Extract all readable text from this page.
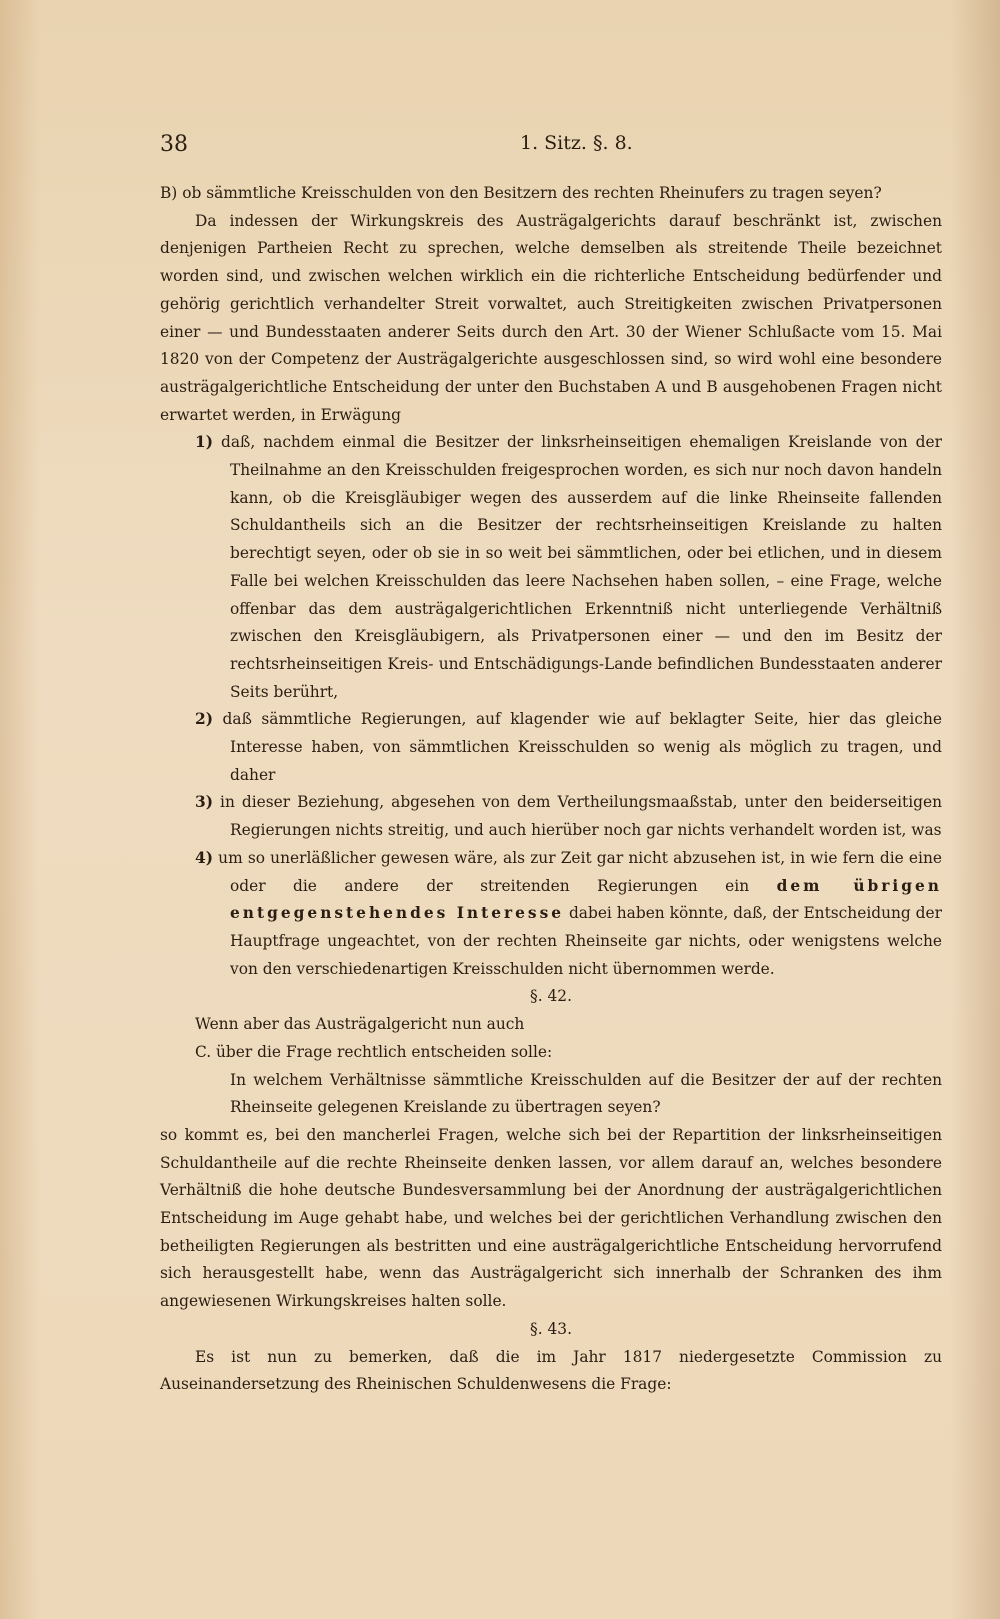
38	1. Sitz. §. 8.

B) ob sämmtliche Kreisschulden von den Besitzern des rechten Rheinufers zu tragen seyen?

Da indessen der Wirkungskreis des Austrägalgerichts darauf beschränkt ist, zwischen denjenigen Partheien Recht zu sprechen, welche demselben als streitende Theile bezeichnet worden sind, und zwischen welchen wirklich ein die richterliche Entscheidung bedürfender und gehörig gerichtlich verhandelter Streit vorwaltet, auch Streitigkeiten zwischen Privatpersonen einer — und Bundesstaaten anderer Seits durch den Art. 30 der Wiener Schlußacte vom 15. Mai 1820 von der Competenz der Austrägalgerichte ausgeschlossen sind, so wird wohl eine besondere austrägalgerichtliche Entscheidung der unter den Buchstaben A und B ausgehobenen Fragen nicht erwartet werden, in Erwägung

1) daß, nachdem einmal die Besitzer der linksrheinseitigen ehemaligen Kreislande von der Theilnahme an den Kreisschulden freigesprochen worden, es sich nur noch davon handeln kann, ob die Kreisgläubiger wegen des ausserdem auf die linke Rheinseite fallenden Schuldantheils sich an die Besitzer der rechtsrheinseitigen Kreislande zu halten berechtigt seyen, oder ob sie in so weit bei sämmtlichen, oder bei etlichen, und in diesem Falle bei welchen Kreisschulden das leere Nachsehen haben sollen, – eine Frage, welche offenbar das dem austrägalgerichtlichen Erkenntniß nicht unterliegende Verhältniß zwischen den Kreisgläubigern, als Privatpersonen einer — und den im Besitz der rechtsrheinseitigen Kreis- und Entschädigungs-Lande befindlichen Bundesstaaten anderer Seits berührt,

2) daß sämmtliche Regierungen, auf klagender wie auf beklagter Seite, hier das gleiche Interesse haben, von sämmtlichen Kreisschulden so wenig als möglich zu tragen, und daher

3) in dieser Beziehung, abgesehen von dem Vertheilungsmaaßstab, unter den beiderseitigen Regierungen nichts streitig, und auch hierüber noch gar nichts verhandelt worden ist, was

4) um so unerläßlicher gewesen wäre, als zur Zeit gar nicht abzusehen ist, in wie fern die eine oder die andere der streitenden Regierungen ein dem übrigen entgegenstehendes Interesse dabei haben könnte, daß, der Entscheidung der Hauptfrage ungeachtet, von der rechten Rheinseite gar nichts, oder wenigstens welche von den verschiedenartigen Kreisschulden nicht übernommen werde.

§. 42.

Wenn aber das Austrägalgericht nun auch

C. über die Frage rechtlich entscheiden solle:

In welchem Verhältnisse sämmtliche Kreisschulden auf die Besitzer der auf der rechten Rheinseite gelegenen Kreislande zu übertragen seyen?

so kommt es, bei den mancherlei Fragen, welche sich bei der Repartition der linksrheinseitigen Schuldantheile auf die rechte Rheinseite denken lassen, vor allem darauf an, welches besondere Verhältniß die hohe deutsche Bundesversammlung bei der Anordnung der austrägalgerichtlichen Entscheidung im Auge gehabt habe, und welches bei der gerichtlichen Verhandlung zwischen den betheiligten Regierungen als bestritten und eine austrägalgerichtliche Entscheidung hervorrufend sich herausgestellt habe, wenn das Austrägalgericht sich innerhalb der Schranken des ihm angewiesenen Wirkungskreises halten solle.

§. 43.

Es ist nun zu bemerken, daß die im Jahr 1817 niedergesetzte Commission zu Auseinandersetzung des Rheinischen Schuldenwesens die Frage:
